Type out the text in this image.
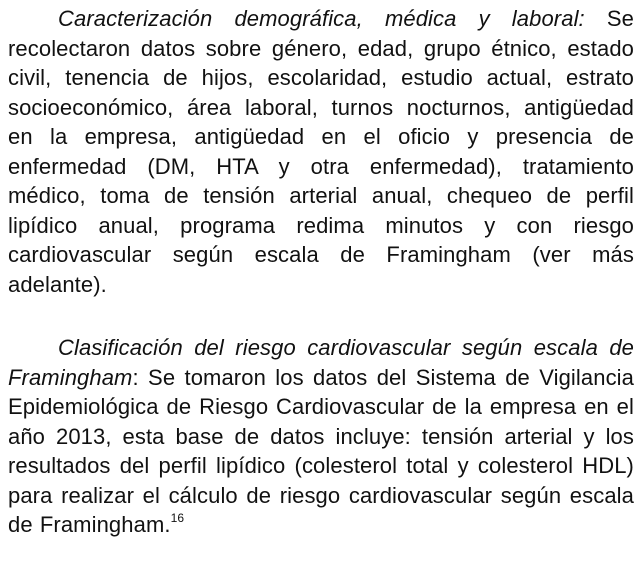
Caracterización demográfica, médica y laboral: Se recolectaron datos sobre género, edad, grupo étnico, estado civil, tenencia de hijos, escolaridad, estudio actual, estrato socioeconómico, área laboral, turnos nocturnos, antigüedad en la empresa, antigüedad en el oficio y presencia de enfermedad (DM, HTA y otra enfermedad), tratamiento médico, toma de tensión arterial anual, chequeo de perfil lipídico anual, programa redima minutos y con riesgo cardiovascular según escala de Framingham (ver más adelante).

Clasificación del riesgo cardiovascular según escala de Framingham: Se tomaron los datos del Sistema de Vigilancia Epidemiológica de Riesgo Cardiovascular de la empresa en el año 2013, esta base de datos incluye: tensión arterial y los resultados del perfil lipídico (colesterol total y colesterol HDL) para realizar el cálculo de riesgo cardiovascular según escala de Framingham.$^{16}$
